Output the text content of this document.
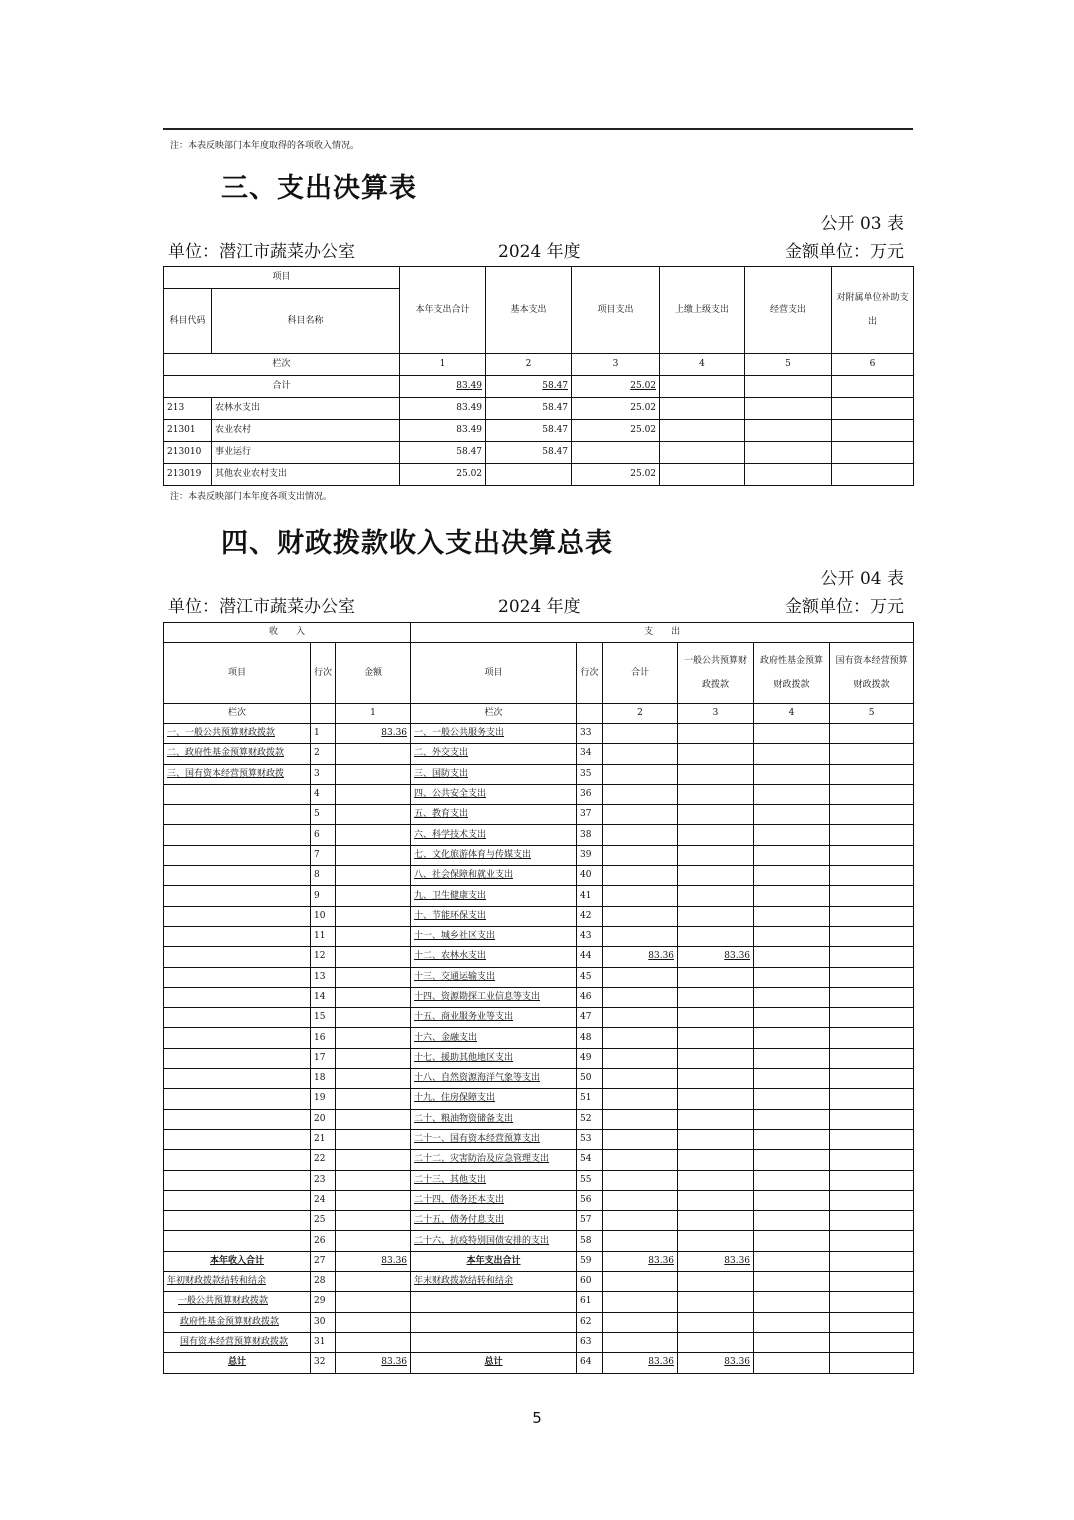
注：本表反映部门本年度取得的各项收入情况。
三、支出决算表
公开 03 表
单位：潜江市蔬菜办公室	2024 年度	金额单位：万元
项目		本年支出合计	基本支出	项目支出	上缴上级支出	经营支出	对附属单位补助支出
科目代码	科目名称						
栏次		1	2	3	4	5	6
合计		83.49	58.47	25.02			
213	农林水支出	83.49	58.47	25.02			
21301	农业农村	83.49	58.47	25.02			
213010	事业运行	58.47	58.47				
213019	其他农业农村支出	25.02		25.02			
注：本表反映部门本年度各项支出情况。
四、财政拨款收入支出决算总表
公开 04 表
单位：潜江市蔬菜办公室	2024 年度	金额单位：万元
收　　入			支　　出					
项目	行次	金额	项目	行次	合计	一般公共预算财政拨款	政府性基金预算财政拨款	国有资本经营预算财政拨款
栏次		1	栏次		2	3	4	5
一、一般公共预算财政拨款	1	83.36	一、一般公共服务支出	33				
二、政府性基金预算财政拨款	2		二、外交支出	34				
三、国有资本经营预算财政拨	3		三、国防支出	35				
	4		四、公共安全支出	36				
	5		五、教育支出	37				
	6		六、科学技术支出	38				
	7		七、文化旅游体育与传媒支出	39				
	8		八、社会保障和就业支出	40				
	9		九、卫生健康支出	41				
	10		十、节能环保支出	42				
	11		十一、城乡社区支出	43				
	12		十二、农林水支出	44	83.36	83.36		
	13		十三、交通运输支出	45				
	14		十四、资源勘探工业信息等支出	46				
	15		十五、商业服务业等支出	47				
	16		十六、金融支出	48				
	17		十七、援助其他地区支出	49				
	18		十八、自然资源海洋气象等支出	50				
	19		十九、住房保障支出	51				
	20		二十、粮油物资储备支出	52				
	21		二十一、国有资本经营预算支出	53				
	22		二十二、灾害防治及应急管理支出	54				
	23		二十三、其他支出	55				
	24		二十四、债务还本支出	56				
	25		二十五、债务付息支出	57				
	26		二十六、抗疫特别国债安排的支出	58				
本年收入合计	27	83.36	本年支出合计	59	83.36	83.36		
年初财政拨款结转和结余	28		年末财政拨款结转和结余	60				
一般公共预算财政拨款	29			61				
政府性基金预算财政拨款	30			62				
国有资本经营预算财政拨款	31			63				
总计	32	83.36	总计	64	83.36	83.36		
5
